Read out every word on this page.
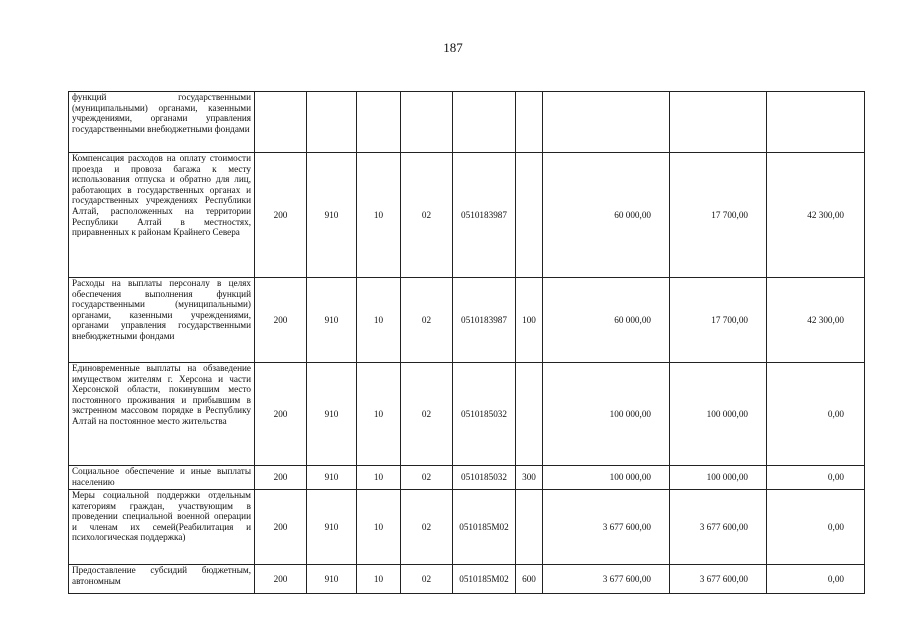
187
функций государственными (муниципальными) органами, казенными учреждениями, органами управления государственными внебюджетными фондами									
Компенсация расходов на оплату стоимости проезда и провоза багажа к месту использования отпуска и обратно для лиц, работающих в государственных органах и государственных учреждениях Республики Алтай, расположенных на территории Республики Алтай в местностях, приравненных к районам Крайнего Севера	200	910	10	02	0510183987		60 000,00	17 700,00	42 300,00
Расходы на выплаты персоналу в целях обеспечения выполнения функций государственными (муниципальными) органами, казенными учреждениями, органами управления государственными внебюджетными фондами	200	910	10	02	0510183987	100	60 000,00	17 700,00	42 300,00
Единовременные выплаты на обзаведение имуществом жителям г. Херсона и части Херсонской области, покинувшим место постоянного проживания и прибывшим в экстренном массовом порядке в Республику Алтай на постоянное место жительства	200	910	10	02	0510185032		100 000,00	100 000,00	0,00
Социальное обеспечение и иные выплаты населению	200	910	10	02	0510185032	300	100 000,00	100 000,00	0,00
Меры социальной поддержки отдельным категориям граждан, участвующим в проведении специальной военной операции и членам их семей(Реабилитация и психологическая поддержка)	200	910	10	02	0510185М02		3 677 600,00	3 677 600,00	0,00
Предоставление субсидий бюджетным, автономным	200	910	10	02	0510185М02	600	3 677 600,00	3 677 600,00	0,00
